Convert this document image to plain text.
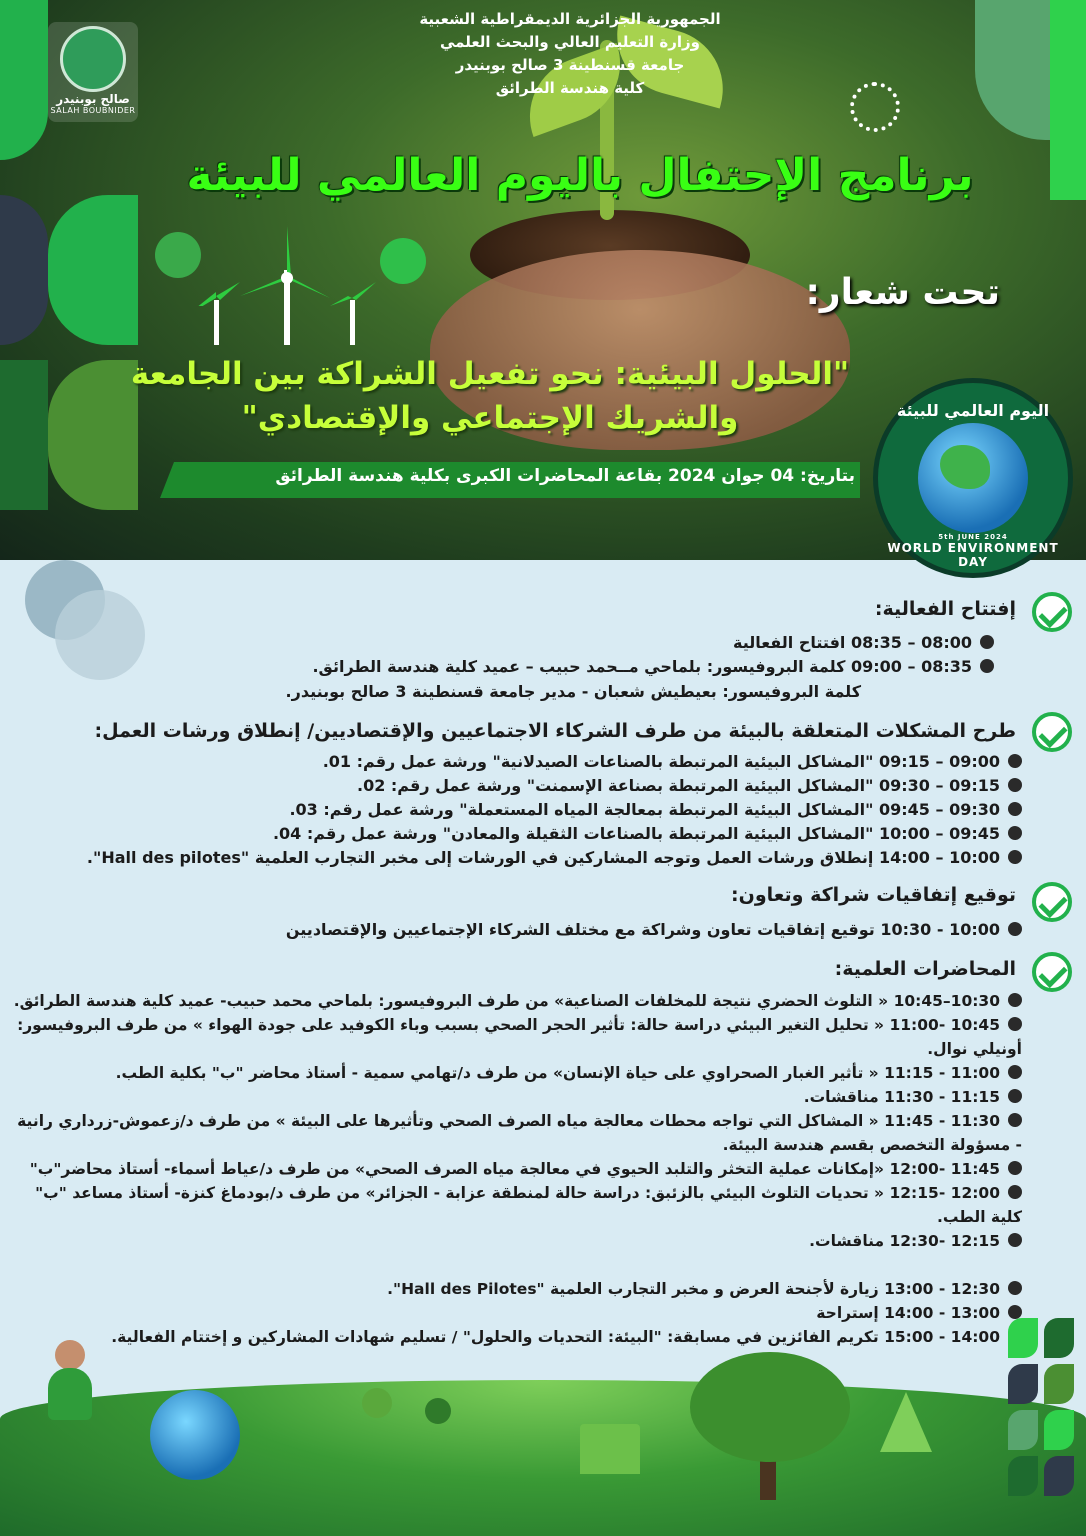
صالح بوبنيدر
SALAH BOUBNIDER
الجمهورية الجزائرية الديمقراطية الشعبية
وزارة التعليم العالي والبحث العلمي
جامعة قسنطينة 3 صالح بوبنيدر
كلية هندسة الطرائق
برنامج الإحتفال باليوم العالمي للبيئة
تحت شعار:
"الحلول البيئية: نحو تفعيل الشراكة بين الجامعة
والشريك الإجتماعي والإقتصادي"
بتاريخ: 04 جوان 2024 بقاعة المحاضرات الكبرى بكلية هندسة الطرائق
اليوم العالمي للبيئة
5th JUNE 2024
WORLD ENVIRONMENT DAY
إفتتاح الفعالية:
08:00 – 08:35 افتتاح الفعالية
08:35 – 09:00 كلمة البروفيسور: بلماحي مــحمد حبيب – عميد كلية هندسة الطرائق.
كلمة البروفيسور: بعيطيش شعبان - مدير جامعة قسنطينة 3 صالح بوبنيدر.
طرح المشكلات المتعلقة بالبيئة من طرف الشركاء الاجتماعيين والإقتصاديين/ إنطلاق ورشات العمل:
09:00 – 09:15 "المشاكل البيئية المرتبطة بالصناعات الصيدلانية" ورشة عمل رقم: 01.
09:15 – 09:30 "المشاكل البيئية المرتبطة بصناعة الإسمنت" ورشة عمل رقم: 02.
09:30 – 09:45 "المشاكل البيئية المرتبطة بمعالجة المياه المستعملة" ورشة عمل رقم: 03.
09:45 – 10:00 "المشاكل البيئية المرتبطة بالصناعات الثقيلة والمعادن" ورشة عمل رقم: 04.
10:00 – 14:00 إنطلاق ورشات العمل وتوجه المشاركين في الورشات إلى مخبر التجارب العلمية "Hall des pilotes".
توقيع إتفاقيات شراكة وتعاون:
10:00 - 10:30 توقيع إتفاقيات تعاون وشراكة مع مختلف الشركاء الإجتماعيين والإقتصاديين
المحاضرات العلمية:
10:30–10:45 « التلوث الحضري نتيجة للمخلفات الصناعية» من طرف البروفيسور: بلماحي محمد حبيب- عميد كلية هندسة الطرائق.
10:45 -11:00 « تحليل التغير البيئي دراسة حالة: تأثير الحجر الصحي بسبب وباء الكوفيد على جودة الهواء » من طرف البروفيسور:
أونيلي نوال.
11:00 - 11:15 « تأثير الغبار الصحراوي على حياة الإنسان» من طرف د/تهامي سمية - أستاذ محاضر "ب" بكلية الطب.
11:15 - 11:30 مناقشات.
11:30 - 11:45 « المشاكل التي تواجه محطات معالجة مياه الصرف الصحي وتأثيرها على البيئة » من طرف د/زعموش-زرداري رانية
- مسؤولة التخصص بقسم هندسة البيئة.
11:45 -12:00 «إمكانات عملية التخثر والتلبد الحيوي في معالجة مياه الصرف الصحي» من طرف د/عياط أسماء- أستاذ محاضر"ب"
12:00 -12:15 « تحديات التلوث البيئي بالزئبق: دراسة حالة لمنطقة عزابة - الجزائر» من طرف د/بودماغ كنزة- أستاذ مساعد "ب"
كلية الطب.
12:15 -12:30 مناقشات.
12:30 - 13:00 زيارة لأجنحة العرض و مخبر التجارب العلمية "Hall des Pilotes".
13:00 - 14:00 إستراحة
14:00 - 15:00 تكريم الفائزين في مسابقة: "البيئة: التحديات والحلول" / تسليم شهادات المشاركين و إختتام الفعالية.
